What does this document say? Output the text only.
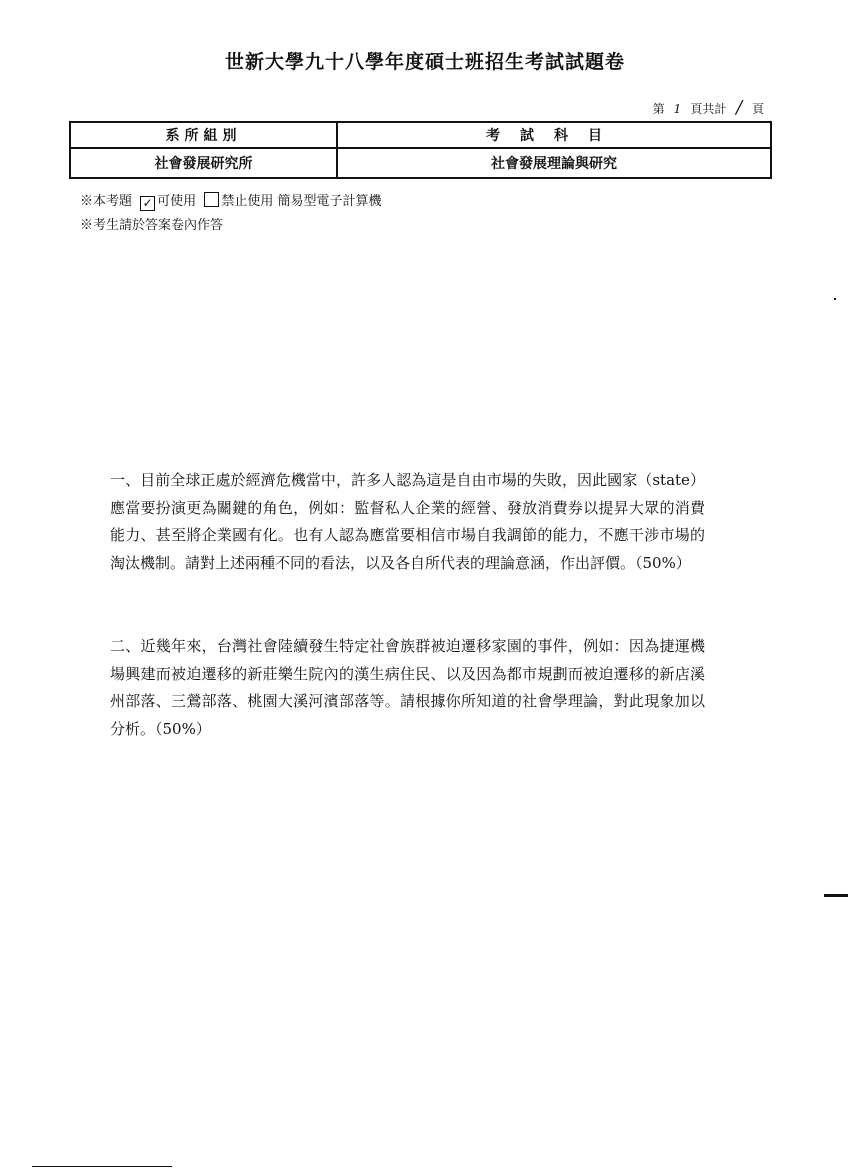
世新大學九十八學年度碩士班招生考試試題卷
第 1 頁共計 / 頁
系所組別	考試科目
社會發展研究所	社會發展理論與研究
※本考題 ✓ 可使用 禁止使用 簡易型電子計算機
※考生請於答案卷內作答
一、目前全球正處於經濟危機當中，許多人認為這是自由市場的失敗，因此國家（state）應當要扮演更為關鍵的角色，例如：監督私人企業的經營、發放消費券以提昇大眾的消費能力、甚至將企業國有化。也有人認為應當要相信市場自我調節的能力，不應干涉市場的淘汰機制。請對上述兩種不同的看法，以及各自所代表的理論意涵，作出評價。（50%）
二、近幾年來，台灣社會陸續發生特定社會族群被迫遷移家園的事件，例如：因為捷運機場興建而被迫遷移的新莊樂生院內的漢生病住民、以及因為都市規劃而被迫遷移的新店溪州部落、三鶯部落、桃園大溪河濱部落等。請根據你所知道的社會學理論，對此現象加以分析。（50%）
